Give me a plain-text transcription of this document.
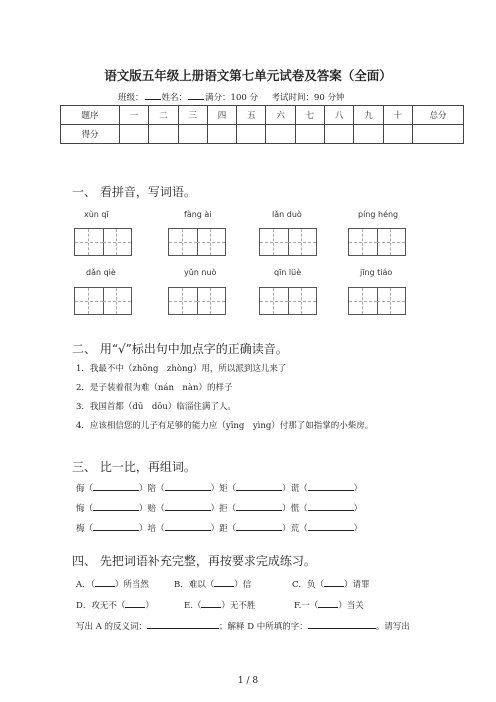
语文版五年级上册语文第七单元试卷及答案（全面）
班级： 姓名： 满分：100 分 考试时间：90 分钟
题序	一	二	三	四	五	六	七	八	九	十	总分
得分											
一、 看拼音，写词语。
xùn qī	fàng ài	lǎn duò	píng héng
dǎn qiè	yǔn nuò	qīn lüè	jīng tiáo
二、 用“√”标出句中加点字的正确读音。
1．我最不中（zhōng　zhòng）用，所以派到这儿来了
2．是子装着很为难（nán　nàn）的样子
3．我国首都（dū　dōu）临淄住满了人。
4．应该相信您的儿子有足够的能力应（yīng　yìng）付那了如指掌的小柴房。
三、 比一比，再组词。
侮（	）陪（	）矩（	）谎（	）
悔（	）赔（	）拒（	）慌（	）
梅（	）培（	）距（	）荒（	）
四、 先把词语补充完整，再按要求完成练习。
A．（ ）所当然	B．难以（ ）信	C．负（ ）请罪
D．攻无不（ ）	E.（ ）无不胜	F.一（ ）当关
写出 A 的反义词：	；解释 D 中所填的字：	。请写出
1 / 8
